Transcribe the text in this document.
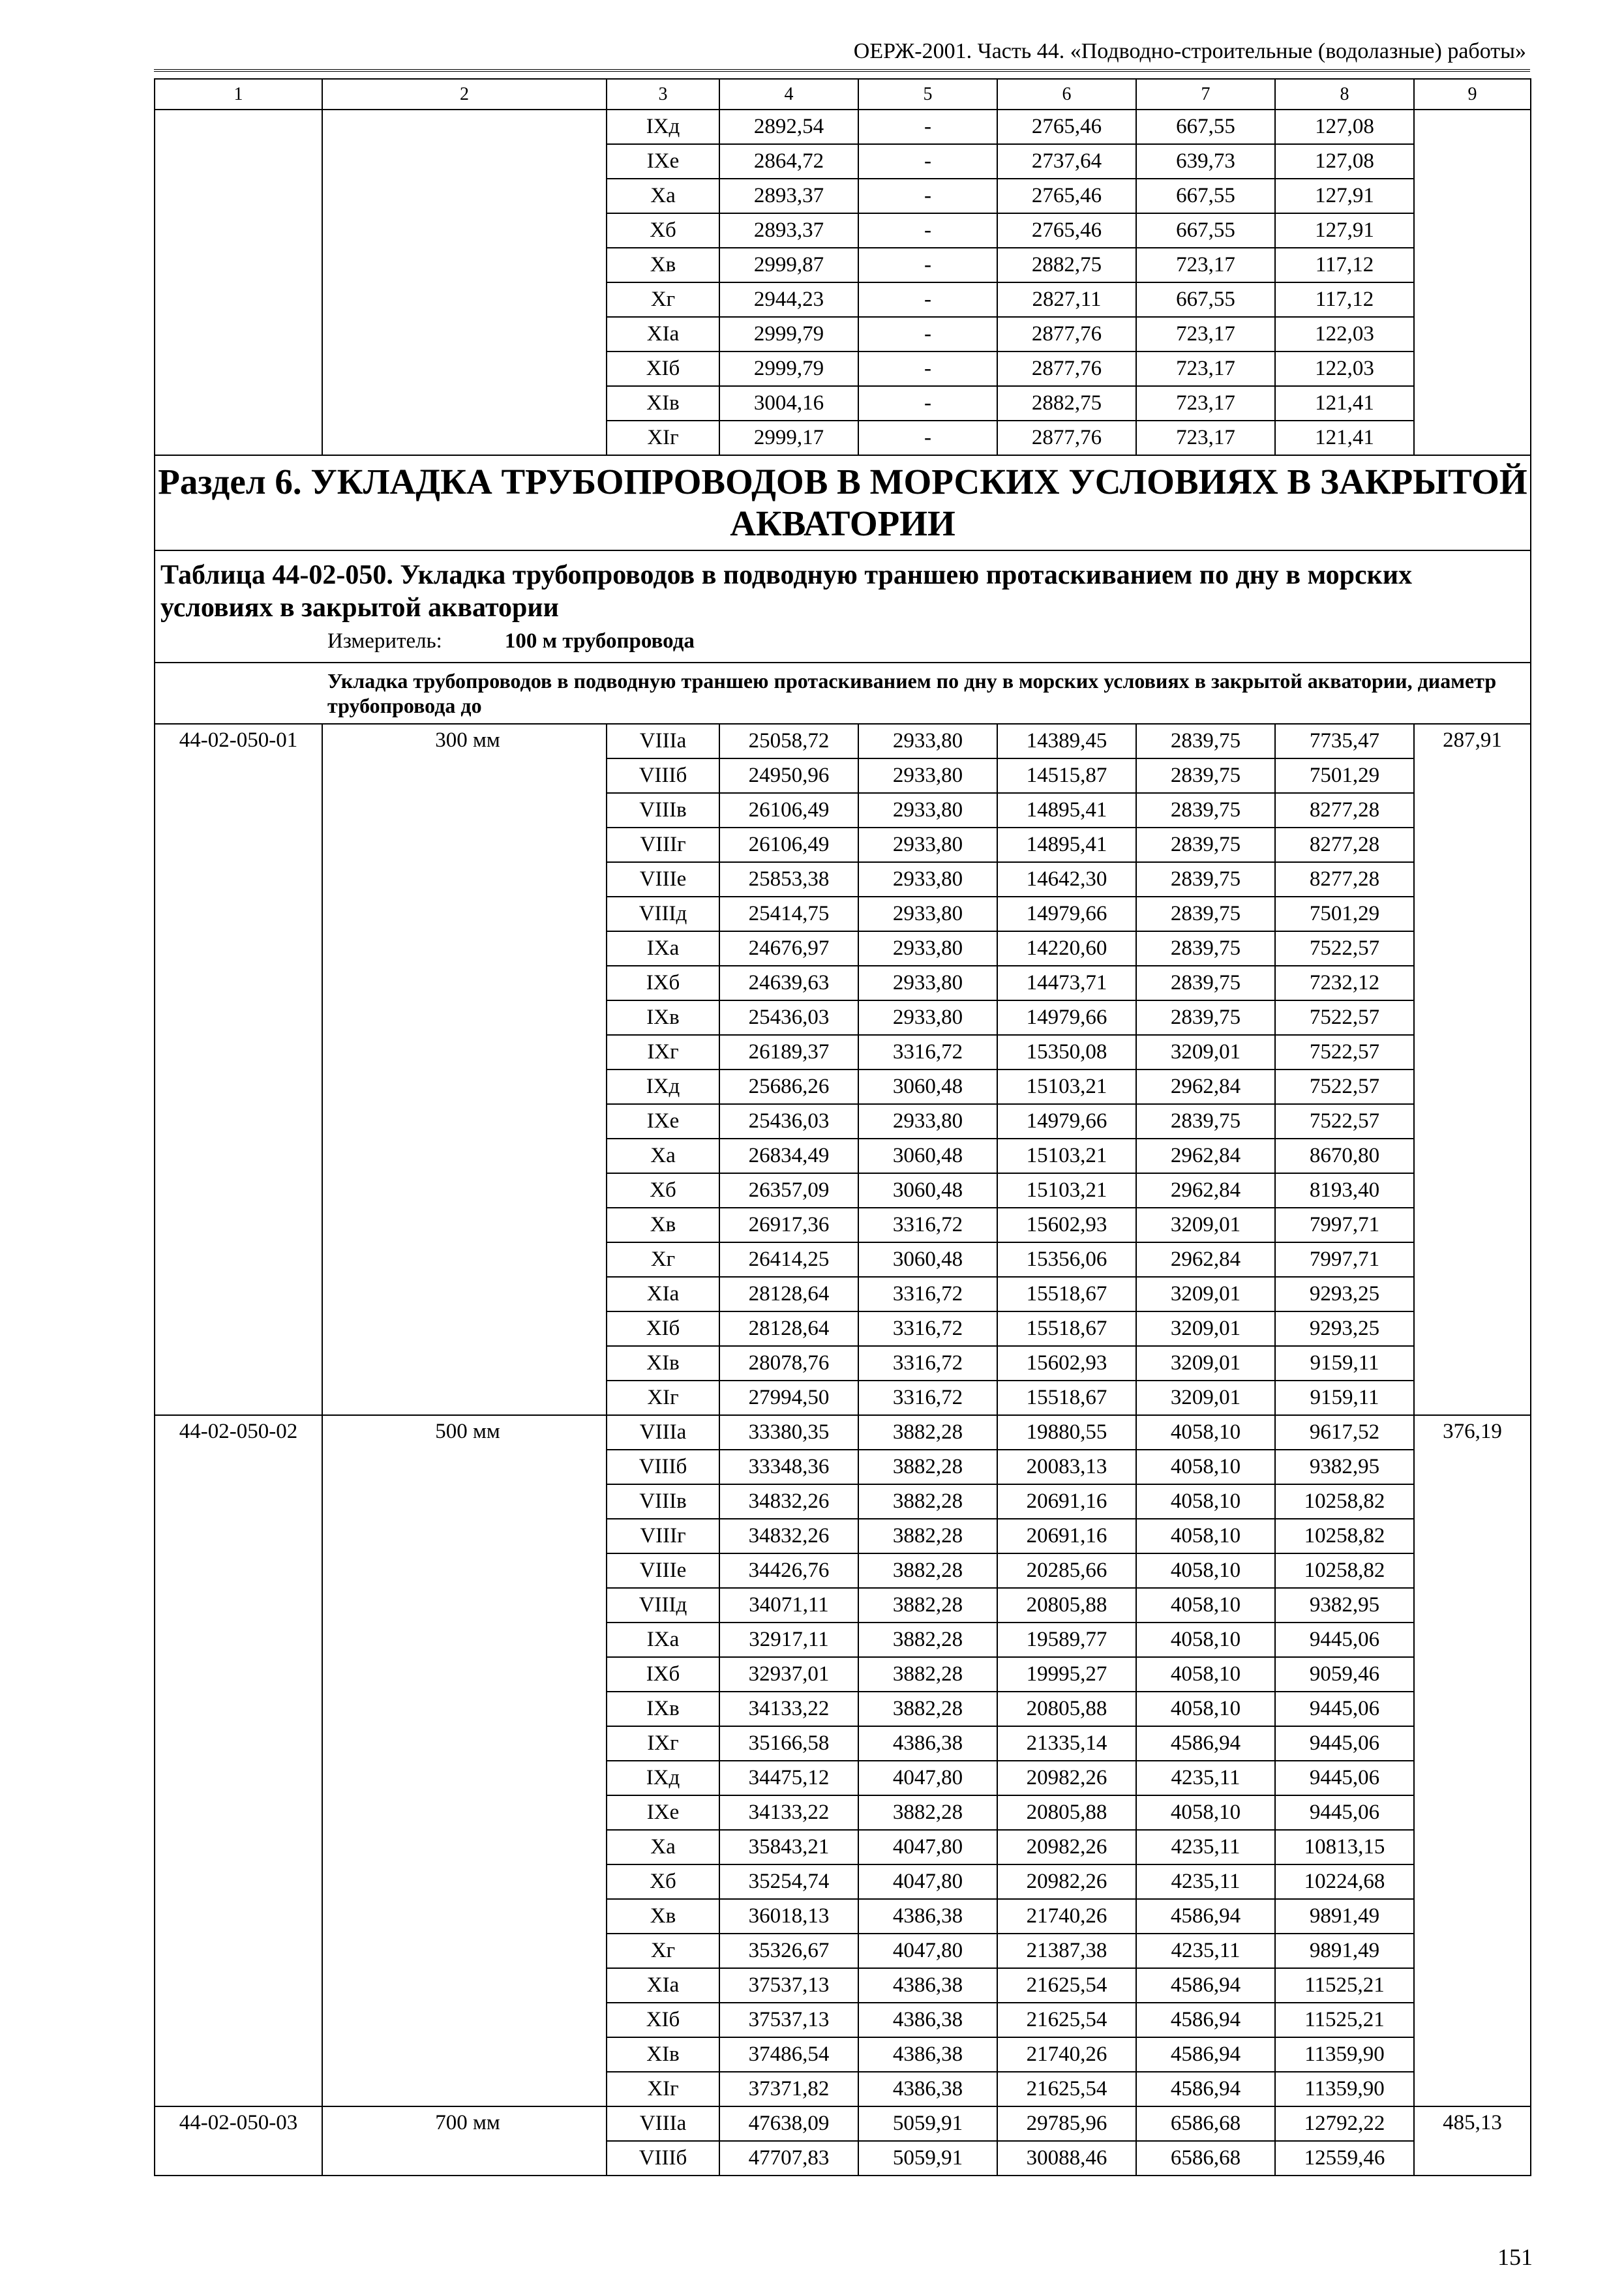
ОЕРЖ-2001. Часть 44. «Подводно-строительные (водолазные) работы»
1	2	3	4	5	6	7	8	9
		IXд	2892,54	-	2765,46	667,55	127,08	
		IXе	2864,72	-	2737,64	639,73	127,08	
		Xа	2893,37	-	2765,46	667,55	127,91	
		Xб	2893,37	-	2765,46	667,55	127,91	
		Xв	2999,87	-	2882,75	723,17	117,12	
		Xг	2944,23	-	2827,11	667,55	117,12	
		XIа	2999,79	-	2877,76	723,17	122,03	
		XIб	2999,79	-	2877,76	723,17	122,03	
		XIв	3004,16	-	2882,75	723,17	121,41	
		XIг	2999,17	-	2877,76	723,17	121,41	

Раздел 6. УКЛАДКА ТРУБОПРОВОДОВ В МОРСКИХ УСЛОВИЯХ В ЗАКРЫТОЙ АКВАТОРИИ								

Таблица 44-02-050. Укладка трубопроводов в подводную траншею протаскиванием по дну в морских условиях в закрытой акватории
Измеритель: 100 м трубопровода								

Укладка трубопроводов в подводную траншею протаскиванием по дну в морских условиях в закрытой акватории, диаметр трубопровода до								

44-02-050-01	300 мм	VIIIа	25058,72	2933,80	14389,45	2839,75	7735,47	287,91
		VIIIб	24950,96	2933,80	14515,87	2839,75	7501,29	
		VIIIв	26106,49	2933,80	14895,41	2839,75	8277,28	
		VIIIг	26106,49	2933,80	14895,41	2839,75	8277,28	
		VIIIе	25853,38	2933,80	14642,30	2839,75	8277,28	
		VIIIд	25414,75	2933,80	14979,66	2839,75	7501,29	
		IXа	24676,97	2933,80	14220,60	2839,75	7522,57	
		IXб	24639,63	2933,80	14473,71	2839,75	7232,12	
		IXв	25436,03	2933,80	14979,66	2839,75	7522,57	
		IXг	26189,37	3316,72	15350,08	3209,01	7522,57	
		IXд	25686,26	3060,48	15103,21	2962,84	7522,57	
		IXе	25436,03	2933,80	14979,66	2839,75	7522,57	
		Xа	26834,49	3060,48	15103,21	2962,84	8670,80	
		Xб	26357,09	3060,48	15103,21	2962,84	8193,40	
		Xв	26917,36	3316,72	15602,93	3209,01	7997,71	
		Xг	26414,25	3060,48	15356,06	2962,84	7997,71	
		XIа	28128,64	3316,72	15518,67	3209,01	9293,25	
		XIб	28128,64	3316,72	15518,67	3209,01	9293,25	
		XIв	28078,76	3316,72	15602,93	3209,01	9159,11	
		XIг	27994,50	3316,72	15518,67	3209,01	9159,11	
44-02-050-02	500 мм	VIIIа	33380,35	3882,28	19880,55	4058,10	9617,52	376,19
		VIIIб	33348,36	3882,28	20083,13	4058,10	9382,95	
		VIIIв	34832,26	3882,28	20691,16	4058,10	10258,82	
		VIIIг	34832,26	3882,28	20691,16	4058,10	10258,82	
		VIIIе	34426,76	3882,28	20285,66	4058,10	10258,82	
		VIIIд	34071,11	3882,28	20805,88	4058,10	9382,95	
		IXа	32917,11	3882,28	19589,77	4058,10	9445,06	
		IXб	32937,01	3882,28	19995,27	4058,10	9059,46	
		IXв	34133,22	3882,28	20805,88	4058,10	9445,06	
		IXг	35166,58	4386,38	21335,14	4586,94	9445,06	
		IXд	34475,12	4047,80	20982,26	4235,11	9445,06	
		IXе	34133,22	3882,28	20805,88	4058,10	9445,06	
		Xа	35843,21	4047,80	20982,26	4235,11	10813,15	
		Xб	35254,74	4047,80	20982,26	4235,11	10224,68	
		Xв	36018,13	4386,38	21740,26	4586,94	9891,49	
		Xг	35326,67	4047,80	21387,38	4235,11	9891,49	
		XIа	37537,13	4386,38	21625,54	4586,94	11525,21	
		XIб	37537,13	4386,38	21625,54	4586,94	11525,21	
		XIв	37486,54	4386,38	21740,26	4586,94	11359,90	
		XIг	37371,82	4386,38	21625,54	4586,94	11359,90	
44-02-050-03	700 мм	VIIIа	47638,09	5059,91	29785,96	6586,68	12792,22	485,13
		VIIIб	47707,83	5059,91	30088,46	6586,68	12559,46	
151
